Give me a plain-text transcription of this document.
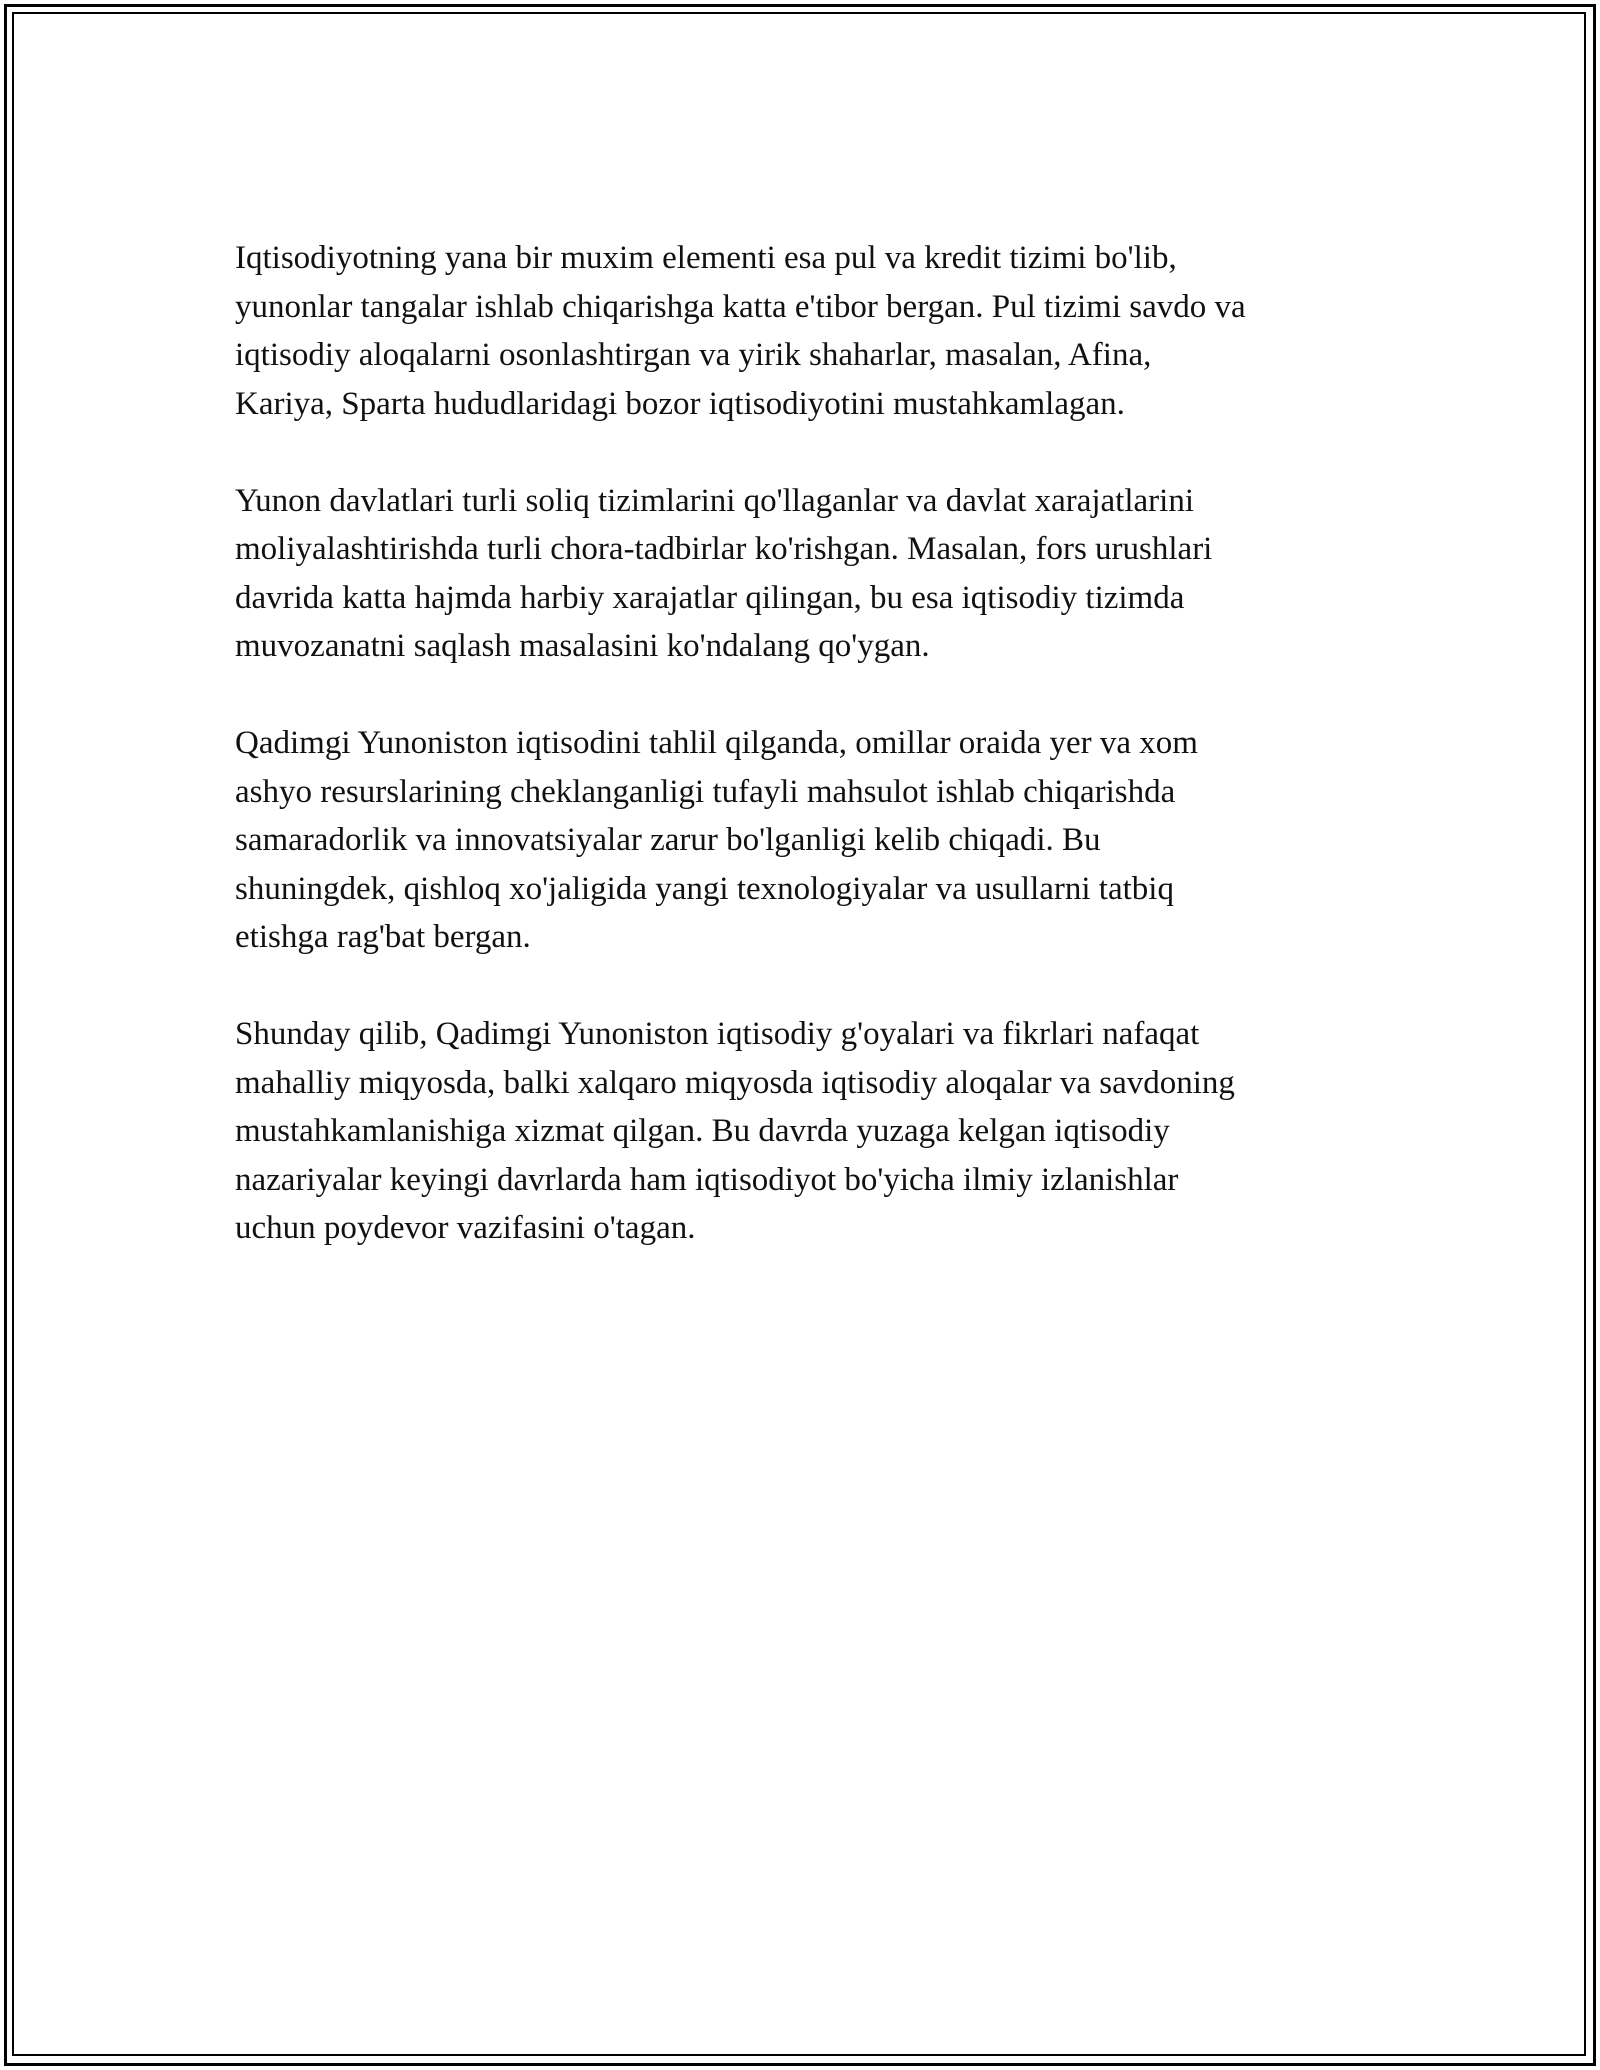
Iqtisodiyotning yana bir muxim elementi esa pul va kredit tizimi bo'lib,
yunonlar tangalar ishlab chiqarishga katta e'tibor bergan. Pul tizimi savdo va
iqtisodiy aloqalarni osonlashtirgan va yirik shaharlar, masalan, Afina,
Kariya, Sparta hududlaridagi bozor iqtisodiyotini mustahkamlagan.

Yunon davlatlari turli soliq tizimlarini qo'llaganlar va davlat xarajatlarini
moliyalashtirishda turli chora-tadbirlar ko'rishgan. Masalan, fors urushlari
davrida katta hajmda harbiy xarajatlar qilingan, bu esa iqtisodiy tizimda
muvozanatni saqlash masalasini ko'ndalang qo'ygan.

Qadimgi Yunoniston iqtisodini tahlil qilganda, omillar oraida yer va xom
ashyo resurslarining cheklanganligi tufayli mahsulot ishlab chiqarishda
samaradorlik va innovatsiyalar zarur bo'lganligi kelib chiqadi. Bu
shuningdek, qishloq xo'jaligida yangi texnologiyalar va usullarni tatbiq
etishga rag'bat bergan.

Shunday qilib, Qadimgi Yunoniston iqtisodiy g'oyalari va fikrlari nafaqat
mahalliy miqyosda, balki xalqaro miqyosda iqtisodiy aloqalar va savdoning
mustahkamlanishiga xizmat qilgan. Bu davrda yuzaga kelgan iqtisodiy
nazariyalar keyingi davrlarda ham iqtisodiyot bo'yicha ilmiy izlanishlar
uchun poydevor vazifasini o'tagan.
